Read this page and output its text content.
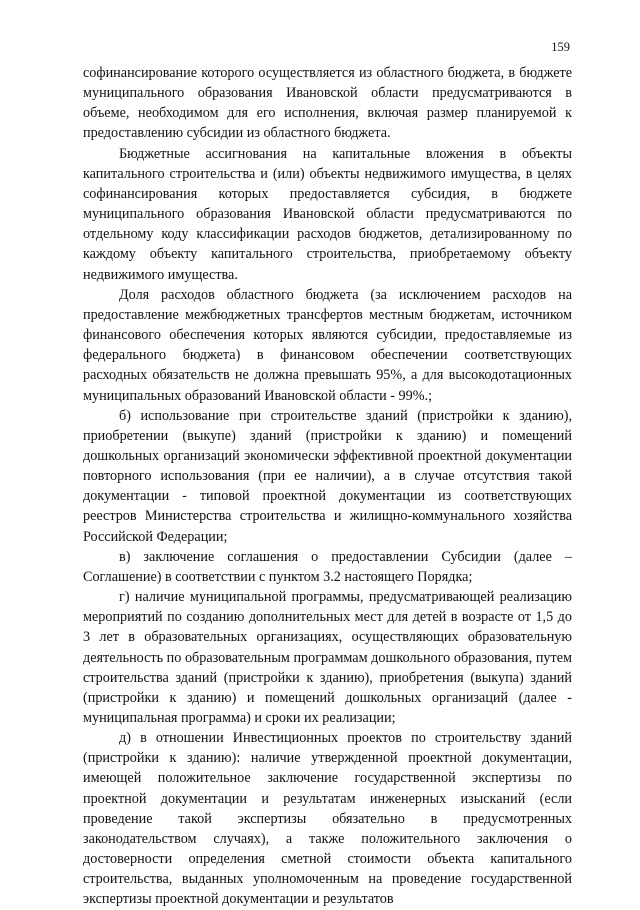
159

софинансирование которого осуществляется из областного бюджета, в бюджете муниципального образования Ивановской области предусматриваются в объеме, необходимом для его исполнения, включая размер планируемой к предоставлению субсидии из областного бюджета.

Бюджетные ассигнования на капитальные вложения в объекты капитального строительства и (или) объекты недвижимого имущества, в целях софинансирования которых предоставляется субсидия, в бюджете муниципального образования Ивановской области предусматриваются по отдельному коду классификации расходов бюджетов, детализированному по каждому объекту капитального строительства, приобретаемому объекту недвижимого имущества.

Доля расходов областного бюджета (за исключением расходов на предоставление межбюджетных трансфертов местным бюджетам, источником финансового обеспечения которых являются субсидии, предоставляемые из федерального бюджета) в финансовом обеспечении соответствующих расходных обязательств не должна превышать 95%, а для высокодотационных муниципальных образований Ивановской области - 99%.;

б) использование при строительстве зданий (пристройки к зданию), приобретении (выкупе) зданий (пристройки к зданию) и помещений дошкольных организаций экономически эффективной проектной документации повторного использования (при ее наличии), а в случае отсутствия такой документации - типовой проектной документации из соответствующих реестров Министерства строительства и жилищно-коммунального хозяйства Российской Федерации;

в) заключение соглашения о предоставлении Субсидии (далее – Соглашение) в соответствии с пунктом 3.2 настоящего Порядка;

г) наличие муниципальной программы, предусматривающей реализацию мероприятий по созданию дополнительных мест для детей в возрасте от 1,5 до 3 лет в образовательных организациях, осуществляющих образовательную деятельность по образовательным программам дошкольного образования, путем строительства зданий (пристройки к зданию), приобретения (выкупа) зданий (пристройки к зданию) и помещений дошкольных организаций (далее - муниципальная программа) и сроки их реализации;

д) в отношении Инвестиционных проектов по строительству зданий (пристройки к зданию): наличие утвержденной проектной документации, имеющей положительное заключение государственной экспертизы по проектной документации и результатам инженерных изысканий (если проведение такой экспертизы обязательно в предусмотренных законодательством случаях), а также положительного заключения о достоверности определения сметной стоимости объекта капитального строительства, выданных уполномоченным на проведение государственной экспертизы проектной документации и результатов
